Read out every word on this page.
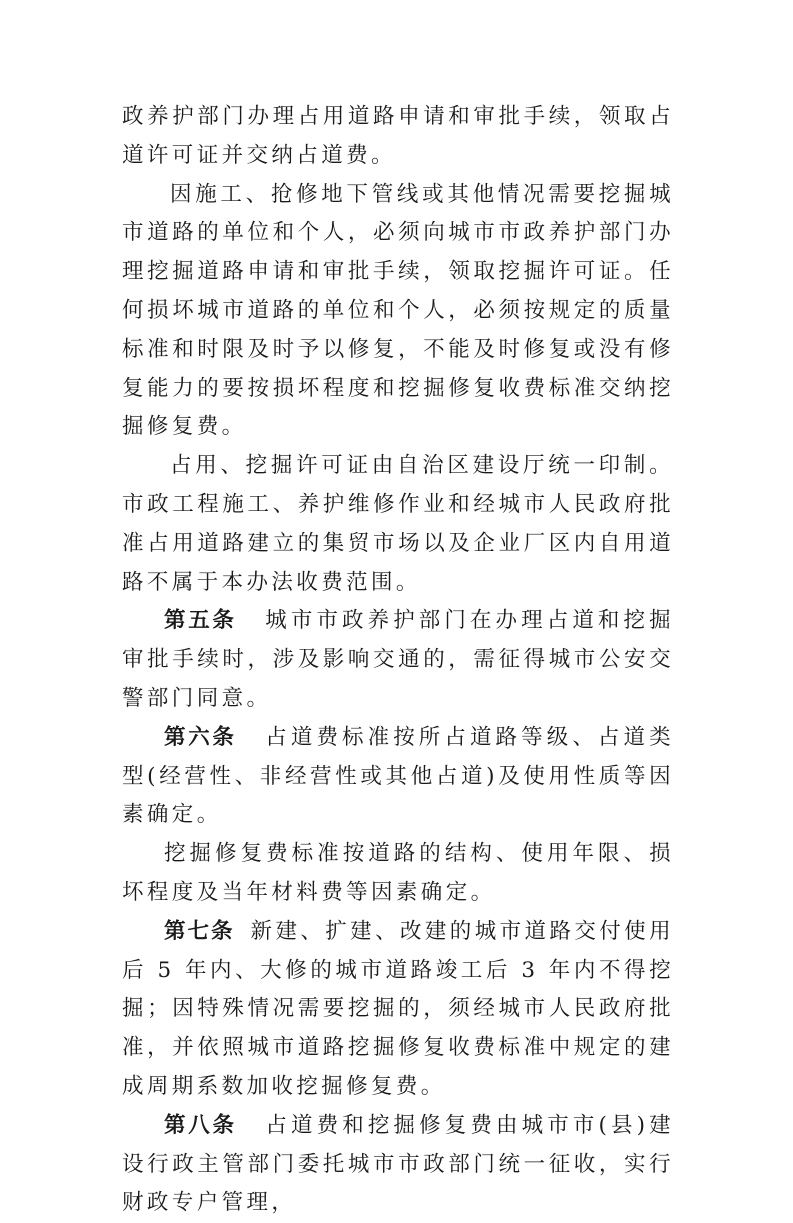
政养护部门办理占用道路申请和审批手续，领取占道许可证并交纳占道费。

因施工、抢修地下管线或其他情况需要挖掘城市道路的单位和个人，必须向城市市政养护部门办理挖掘道路申请和审批手续，领取挖掘许可证。任何损坏城市道路的单位和个人，必须按规定的质量标准和时限及时予以修复，不能及时修复或没有修复能力的要按损坏程度和挖掘修复收费标准交纳挖掘修复费。

占用、挖掘许可证由自治区建设厅统一印制。市政工程施工、养护维修作业和经城市人民政府批准占用道路建立的集贸市场以及企业厂区内自用道路不属于本办法收费范围。

第五条 城市市政养护部门在办理占道和挖掘审批手续时，涉及影响交通的，需征得城市公安交警部门同意。

第六条 占道费标准按所占道路等级、占道类型(经营性、非经营性或其他占道)及使用性质等因素确定。

挖掘修复费标准按道路的结构、使用年限、损坏程度及当年材料费等因素确定。

第七条 新建、扩建、改建的城市道路交付使用后 5 年内、大修的城市道路竣工后 3 年内不得挖掘；因特殊情况需要挖掘的，须经城市人民政府批准，并依照城市道路挖掘修复收费标准中规定的建成周期系数加收挖掘修复费。

第八条 占道费和挖掘修复费由城市市(县)建设行政主管部门委托城市市政部门统一征收，实行财政专户管理，
